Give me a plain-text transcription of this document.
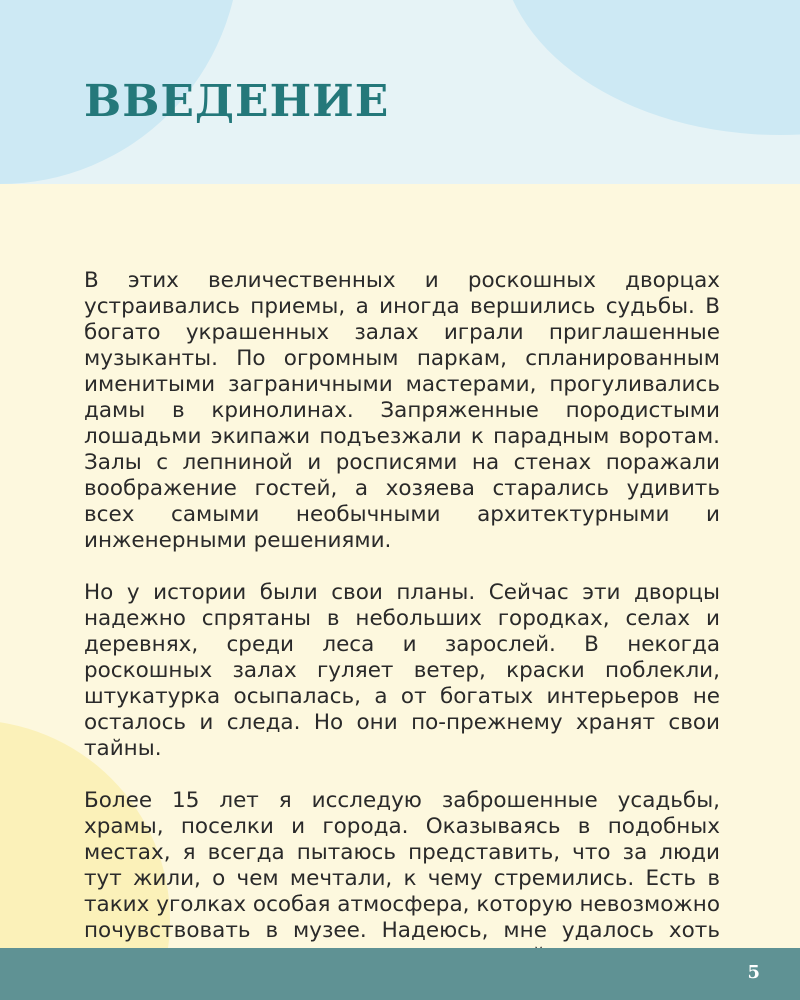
ВВЕДЕНИЕ

В этих величественных и роскошных дворцах устраивались приемы, а иногда вершились судьбы. В богато украшенных залах играли приглашенные музыканты. По огромным паркам, спланированным именитыми заграничными мастерами, прогуливались дамы в кринолинах. Запряженные породистыми лошадьми экипажи подъезжали к парадным воротам. Залы с лепниной и росписями на стенах поражали воображение гостей, а хозяева старались удивить всех самыми необычными архитектурными и инженерными решениями.

Но у истории были свои планы. Сейчас эти дворцы надежно спрятаны в небольших городках, селах и деревнях, среди леса и зарослей. В некогда роскошных залах гуляет ветер, краски поблекли, штукатурка осыпалась, а от богатых интерьеров не осталось и следа. Но они по-прежнему хранят свои тайны.

Более 15 лет я исследую заброшенные усадьбы, храмы, поселки и города. Оказываясь в подобных местах, я всегда пытаюсь представить, что за люди тут жили, о чем мечтали, к чему стремились. Есть в таких уголках особая атмосфера, которую невозможно почувствовать в музее. Надеюсь, мне удалось хоть

5
